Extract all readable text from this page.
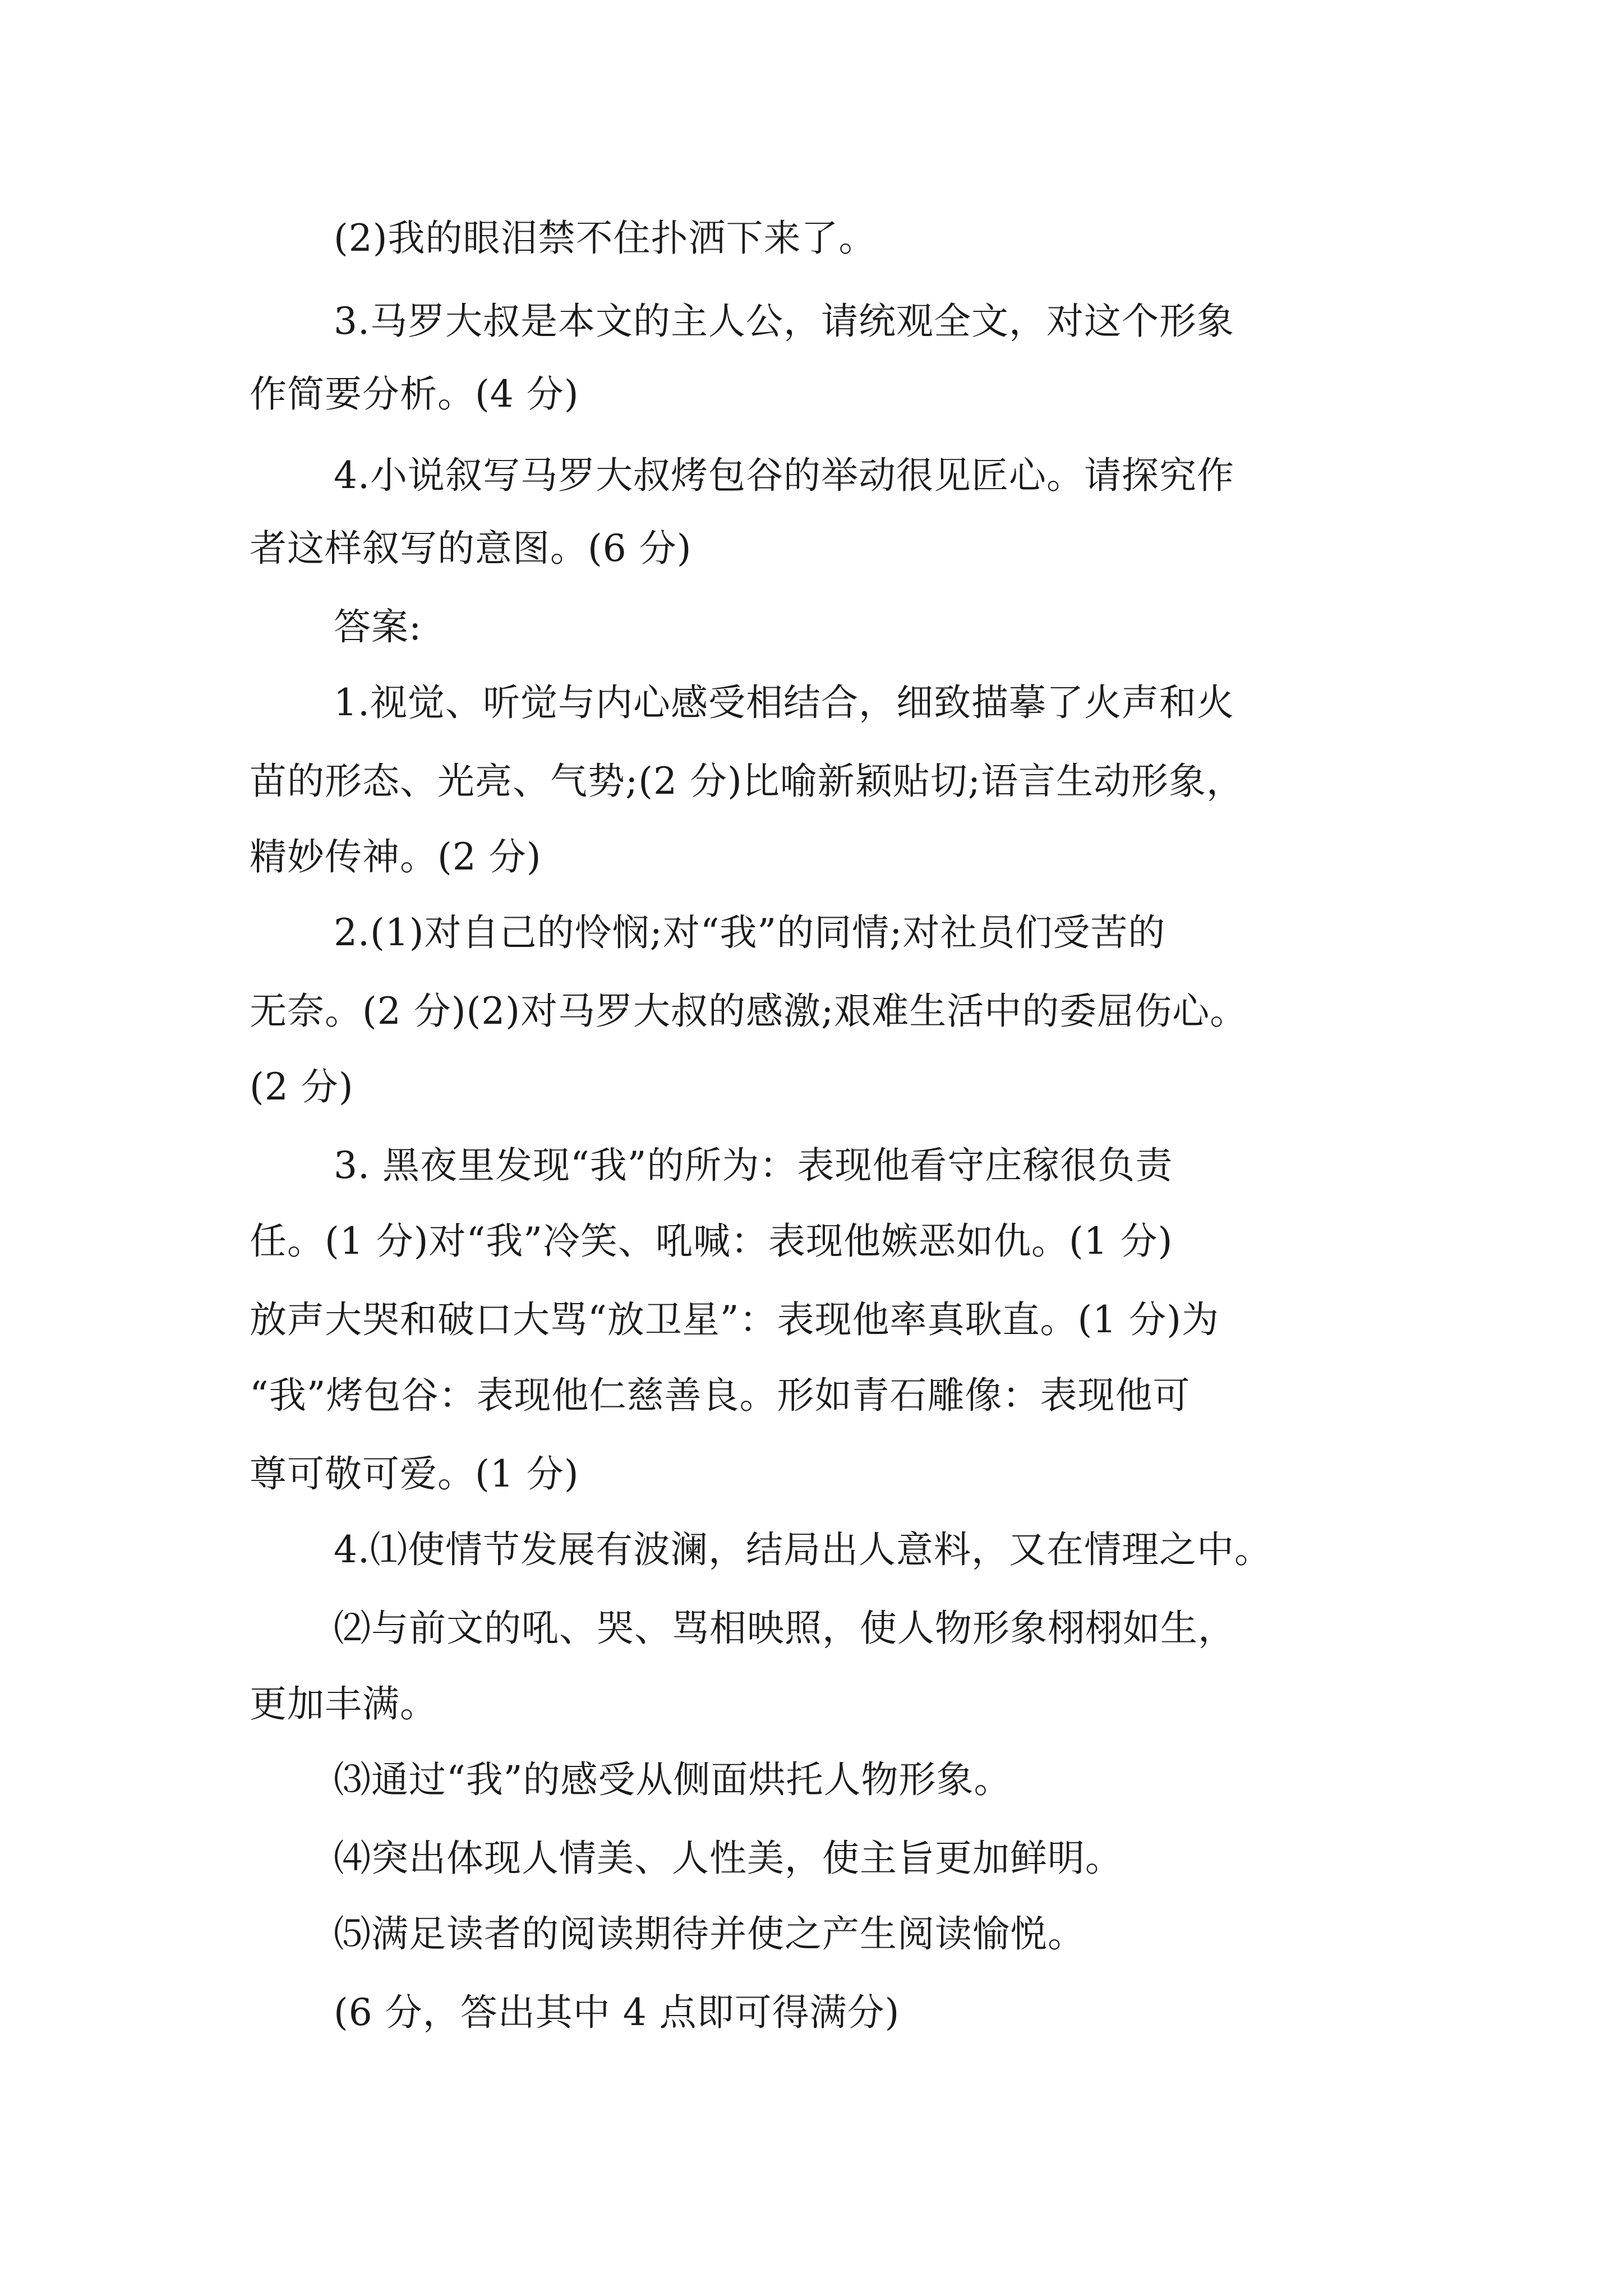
(2)我的眼泪禁不住扑洒下来了。
3.马罗大叔是本文的主人公，请统观全文，对这个形象
作简要分析。(4 分)
4.小说叙写马罗大叔烤包谷的举动很见匠心。请探究作
者这样叙写的意图。(6 分)
答案:
1.视觉、听觉与内心感受相结合，细致描摹了火声和火
苗的形态、光亮、气势;(2 分)比喻新颖贴切;语言生动形象，
精妙传神。(2 分)
2.(1)对自己的怜悯;对“我”的同情;对社员们受苦的
无奈。(2 分)(2)对马罗大叔的感激;艰难生活中的委屈伤心。
(2 分)
3. 黑夜里发现“我”的所为：表现他看守庄稼很负责
任。(1 分)对“我”冷笑、吼喊：表现他嫉恶如仇。(1 分)
放声大哭和破口大骂“放卫星”：表现他率真耿直。(1 分)为
“我”烤包谷：表现他仁慈善良。形如青石雕像：表现他可
尊可敬可爱。(1 分)
4.⑴使情节发展有波澜，结局出人意料，又在情理之中。
⑵与前文的吼、哭、骂相映照，使人物形象栩栩如生，
更加丰满。
⑶通过“我”的感受从侧面烘托人物形象。
⑷突出体现人情美、人性美，使主旨更加鲜明。
⑸满足读者的阅读期待并使之产生阅读愉悦。
(6 分，答出其中 4 点即可得满分)
